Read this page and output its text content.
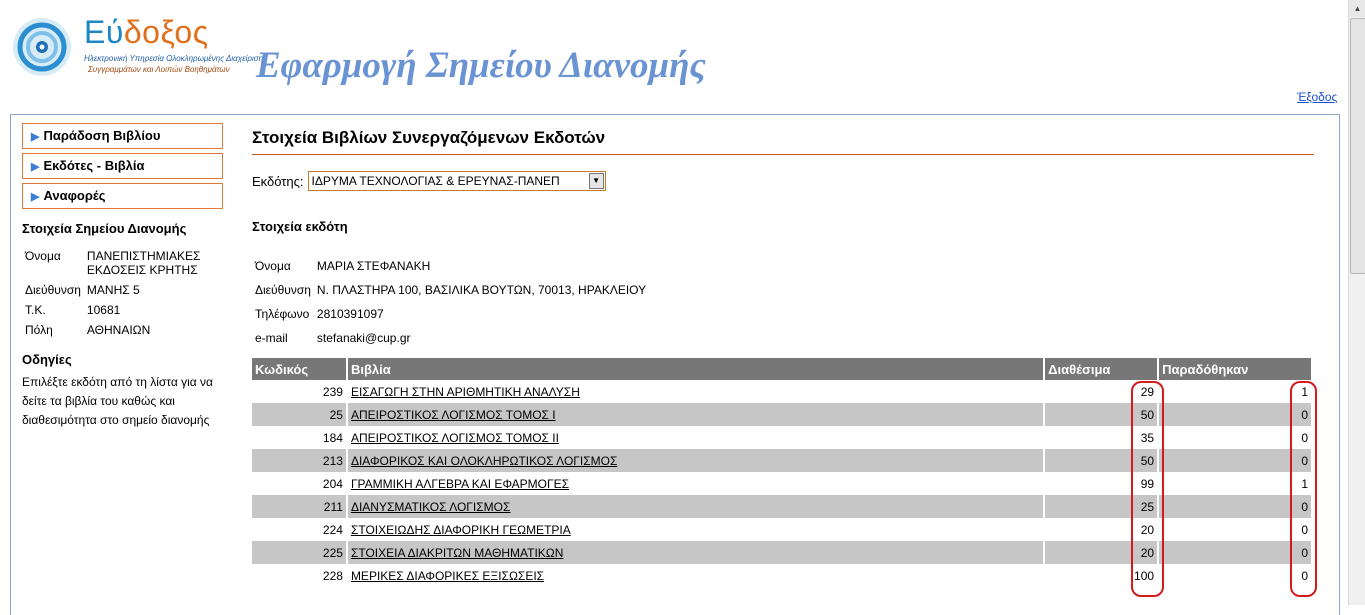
Εύδοξος
Ηλεκτρονική Υπηρεσία Ολοκληρωμένης Διαχείρισης
Συγγραμμάτων και Λοιπών Βοηθημάτων Εφαρμογή Σημείου Διανομής
Έξοδος
▶ Παράδοση Βιβλίου
▶ Εκδότες - Βιβλία
▶ Αναφορές
Στοιχεία Σημείου Διανομής
Όνομα	ΠΑΝΕΠΙΣΤΗΜΙΑΚΕΣ ΕΚΔΟΣΕΙΣ ΚΡΗΤΗΣ
Διεύθυνση	ΜΑΝΗΣ 5
Τ.Κ.	10681
Πόλη	ΑΘΗΝΑΙΩΝ
Οδηγίες
Επιλέξτε εκδότη από τη λίστα για να δείτε τα βιβλία του καθώς και διαθεσιμότητα στο σημείο διανομής
Στοιχεία Βιβλίων Συνεργαζόμενων Εκδοτών
Εκδότης: ΙΔΡΥΜΑ ΤΕΧΝΟΛΟΓΙΑΣ & ΕΡΕΥΝΑΣ-ΠΑΝΕΠ	▼
Στοιχεία εκδότη
Όνομα	ΜΑΡΙΑ ΣΤΕΦΑΝΑΚΗ
Διεύθυνση	Ν. ΠΛΑΣΤΗΡΑ 100, ΒΑΣΙΛΙΚΑ ΒΟΥΤΩΝ, 70013, ΗΡΑΚΛΕΙΟΥ
Τηλέφωνο	2810391097
e-mail	stefanaki@cup.gr
Κωδικός	Βιβλία	Διαθέσιμα	Παραδόθηκαν
239	ΕΙΣΑΓΩΓΗ ΣΤΗΝ ΑΡΙΘΜΗΤΙΚΗ ΑΝΑΛΥΣΗ	29	1
25	ΑΠΕΙΡΟΣΤΙΚΟΣ ΛΟΓΙΣΜΟΣ ΤΟΜΟΣ Ι	50	0
184	ΑΠΕΙΡΟΣΤΙΚΟΣ ΛΟΓΙΣΜΟΣ ΤΟΜΟΣ ΙΙ	35	0
213	ΔΙΑΦΟΡΙΚΟΣ ΚΑΙ ΟΛΟΚΛΗΡΩΤΙΚΟΣ ΛΟΓΙΣΜΟΣ	50	0
204	ΓΡΑΜΜΙΚΗ ΑΛΓΕΒΡΑ ΚΑΙ ΕΦΑΡΜΟΓΕΣ	99	1
211	ΔΙΑΝΥΣΜΑΤΙΚΟΣ ΛΟΓΙΣΜΟΣ	25	0
224	ΣΤΟΙΧΕΙΩΔΗΣ ΔΙΑΦΟΡΙΚΗ ΓΕΩΜΕΤΡΙΑ	20	0
225	ΣΤΟΙΧΕΙΑ ΔΙΑΚΡΙΤΩΝ ΜΑΘΗΜΑΤΙΚΩΝ	20	0
228	ΜΕΡΙΚΕΣ ΔΙΑΦΟΡΙΚΕΣ ΕΞΙΣΩΣΕΙΣ	100	0
▲
